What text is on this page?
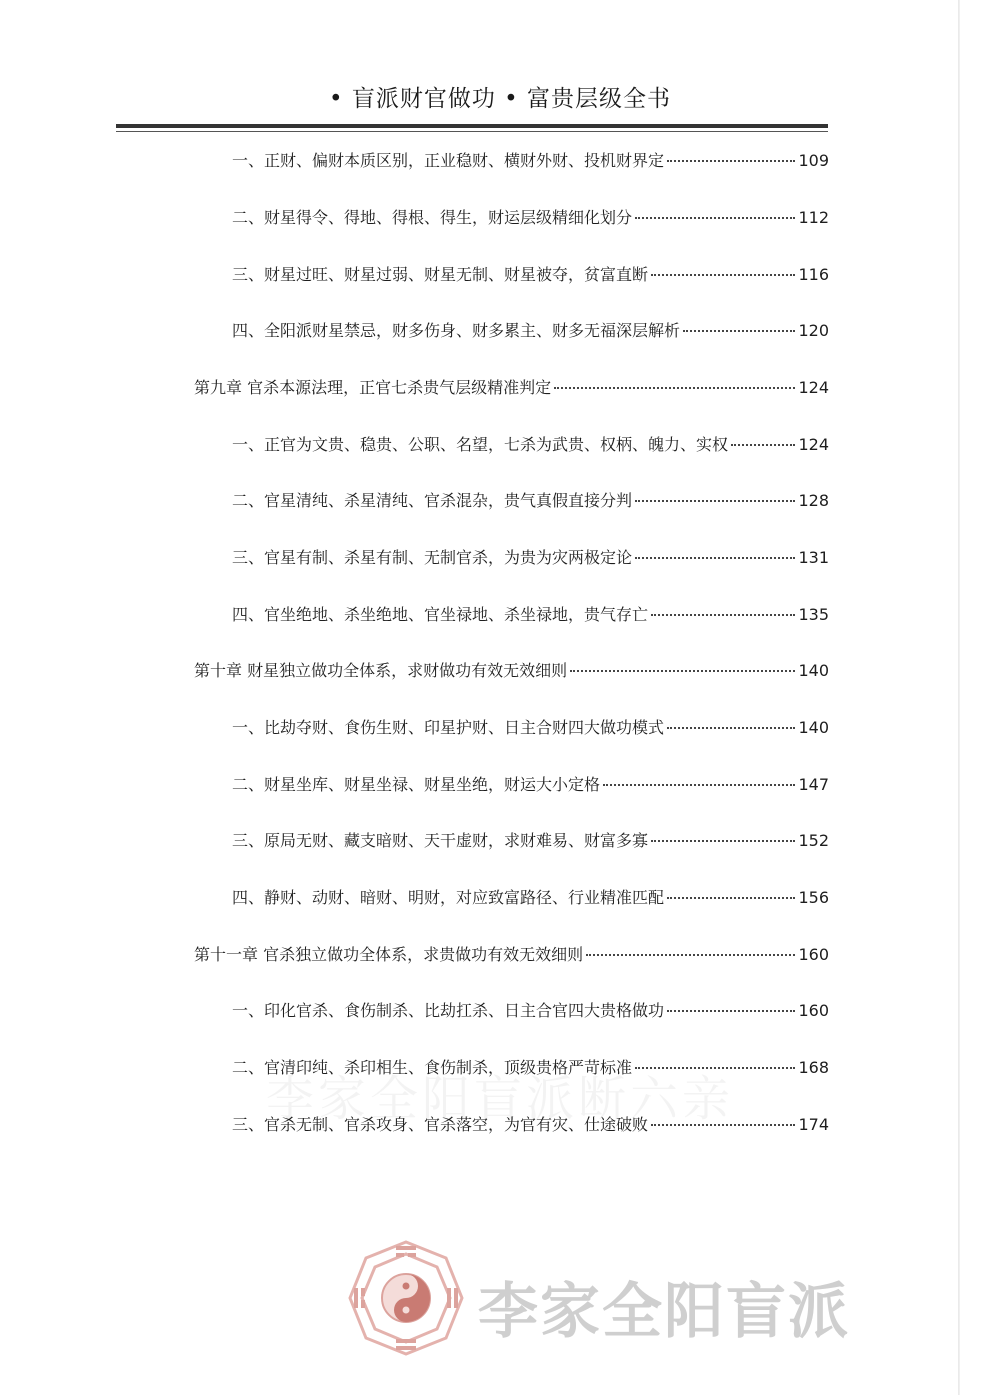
• 盲派财官做功 • 富贵层级全书
一、正财、偏财本质区别，正业稳财、横财外财、投机财界定	109
二、财星得令、得地、得根、得生，财运层级精细化划分	112
三、财星过旺、财星过弱、财星无制、财星被夺，贫富直断	116
四、全阳派财星禁忌，财多伤身、财多累主、财多无福深层解析	120
第九章 官杀本源法理，正官七杀贵气层级精准判定	124
一、正官为文贵、稳贵、公职、名望，七杀为武贵、权柄、魄力、实权	124
二、官星清纯、杀星清纯、官杀混杂，贵气真假直接分判	128
三、官星有制、杀星有制、无制官杀，为贵为灾两极定论	131
四、官坐绝地、杀坐绝地、官坐禄地、杀坐禄地，贵气存亡	135
第十章 财星独立做功全体系，求财做功有效无效细则	140
一、比劫夺财、食伤生财、印星护财、日主合财四大做功模式	140
二、财星坐库、财星坐禄、财星坐绝，财运大小定格	147
三、原局无财、藏支暗财、天干虚财，求财难易、财富多寡	152
四、静财、动财、暗财、明财，对应致富路径、行业精准匹配	156
第十一章 官杀独立做功全体系，求贵做功有效无效细则	160
一、印化官杀、食伤制杀、比劫扛杀、日主合官四大贵格做功	160
二、官清印纯、杀印相生、食伤制杀，顶级贵格严苛标准	168
三、官杀无制、官杀攻身、官杀落空，为官有灾、仕途破败	174
李家全阳盲派
